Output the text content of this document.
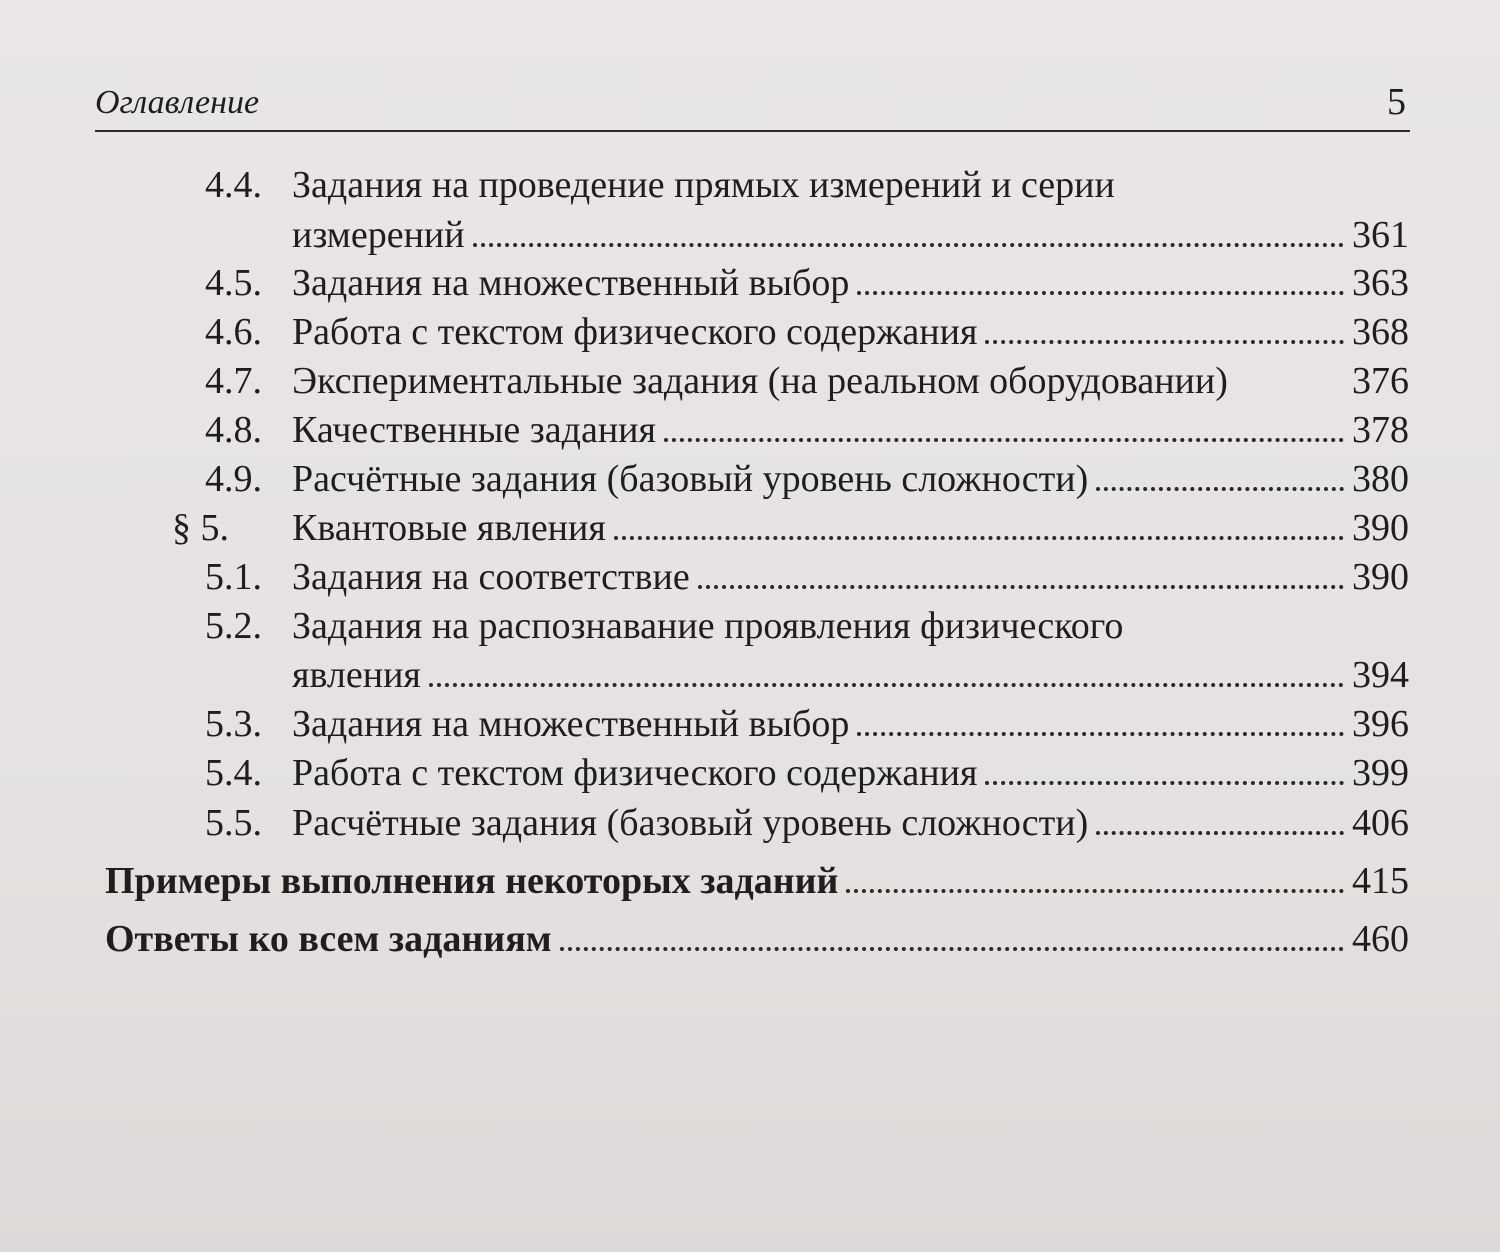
Оглавление	5
4.4. Задания на проведение прямых измерений и серии
измерений	361
4.5. Задания на множественный выбор	363
4.6. Работа с текстом физического содержания	368
4.7. Экспериментальные задания (на реальном оборудовании)	376
4.8. Качественные задания	378
4.9. Расчётные задания (базовый уровень сложности)	380
§ 5. Квантовые явления	390
5.1. Задания на соответствие	390
5.2. Задания на распознавание проявления физического
явления	394
5.3. Задания на множественный выбор	396
5.4. Работа с текстом физического содержания	399
5.5. Расчётные задания (базовый уровень сложности)	406
Примеры выполнения некоторых заданий	415
Ответы ко всем заданиям	460
